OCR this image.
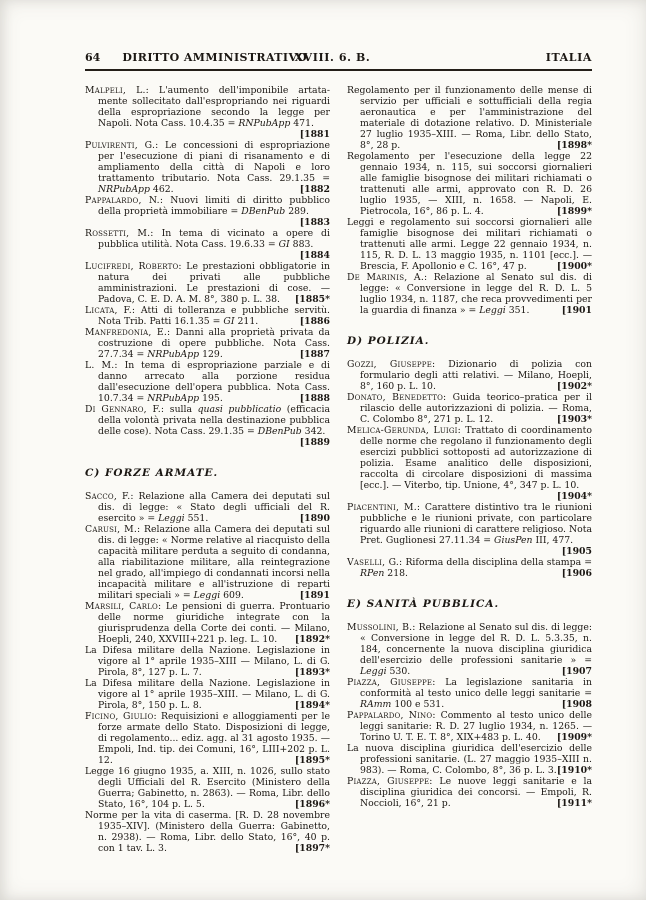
64 DIRITTO AMMINISTRATIVO
XVIII. 6. B.	ITALIA

Malpeli, L.: L'aumento dell'imponibile artata- mente sollecitato dall'espropriando nei riguardi della espropriazione secondo la legge per Napoli. Nota Cass. 10.4.35 = RNPubApp 471.
[1881

Pulvirenti, G.: Le concessioni di espropriazione per l'esecuzione di piani di risanamento e di ampliamento della città di Napoli e loro trattamento tributario. Nota Cass. 29.1.35 = NRPubApp 462.	[1882

Pappalardo, N.: Nuovi limiti di diritto pubblico della proprietà immobiliare = DBenPub 289.
[1883

Rossetti, M.: In tema di vicinato a opere di pubblica utilità. Nota Cass. 19.6.33 = GI 883.
[1884

Lucifredi, Roberto: Le prestazioni obbligatorie in natura dei privati alle pubbliche amministrazioni. Le prestazioni di cose. — Padova, C. E. D. A. M. 8°, 380 p. L. 38. [1885*

Licata, F.: Atti di tolleranza e pubbliche servitù. Nota Trib. Patti 16.1.35 = GI 211.	[1886

Manfredonia, E.: Danni alla proprietà privata da costruzione di opere pubbliche. Nota Cass. 27.7.34 = NRPubApp 129.	[1887

L. M.: In tema di espropriazione parziale e di danno arrecato alla porzione residua dall'esecuzione dell'opera pubblica. Nota Cass. 10.7.34 = NRPubApp 195.	[1888

Di Gennaro, F.: sulla quasi pubblicatio (efficacia della volontà privata nella destinazione pubblica delle cose). Nota Cass. 29.1.35 = DBenPub 342.
[1889

C) FORZE ARMATE.

Sacco, F.: Relazione alla Camera dei deputati sul dis. di legge: « Stato degli ufficiali del R. esercito » = Leggi 551.	[1890

Carusi, M.: Relazione alla Camera dei deputati sul dis. di legge: « Norme relative al riacquisto della capacità militare perduta a seguito di condanna, alla riabilitazione militare, alla reintegrazione nel grado, all'impiego di condannati incorsi nella incapacità militare e all'istruzione di reparti militari speciali » = Leggi 609.	[1891

Marsili, Carlo: Le pensioni di guerra. Prontuario delle norme giuridiche integrate con la giurisprudenza della Corte dei conti. — Milano, Hoepli, 240, XXVIII+221 p. leg. L. 10. [1892*

La Difesa militare della Nazione. Legislazione in vigore al 1° aprile 1935–XIII — Milano, L. di G. Pirola, 8°, 127 p. L. 7.	[1893*

La Difesa militare della Nazione. Legislazione in vigore al 1° aprile 1935–XIII. — Milano, L. di G. Pirola, 8°, 150 p. L. 8.	[1894*

Ficino, Giulio: Requisizioni e alloggiamenti per le forze armate dello Stato. Disposizioni di legge, di regolamento... ediz. agg. al 31 agosto 1935. — Empoli, Ind. tip. dei Comuni, 16°, LIII+202 p. L. 12.	[1895*

Legge 16 giugno 1935, a. XIII, n. 1026, sullo stato degli Ufficiali del R. Esercito (Ministero della Guerra; Gabinetto, n. 2863). — Roma, Libr. dello Stato, 16°, 104 p. L. 5.	[1896*

Norme per la vita di caserma. [R. D. 28 novembre 1935–XIV]. (Ministero della Guerra: Gabinetto, n. 2938). — Roma, Libr. dello Stato, 16°, 40 p. con 1 tav. L. 3.	[1897*

Regolamento per il funzionamento delle mense di servizio per ufficiali e sottufficiali della regia aeronautica e per l'amministrazione del materiale di dotazione relativo. D. Ministeriale 27 luglio 1935–XIII. — Roma, Libr. dello Stato, 8°, 28 p.	[1898*

Regolamento per l'esecuzione della legge 22 gennaio 1934, n. 115, sui soccorsi giornalieri alle famiglie bisognose dei militari richiamati o trattenuti alle armi, approvato con R. D. 26 luglio 1935, — XIII, n. 1658. — Napoli, E. Pietrocola, 16°, 86 p. L. 4.	[1899*

Leggi e regolamento sui soccorsi giornalieri alle famiglie bisognose dei militari richiamati o trattenuti alle armi. Legge 22 gennaio 1934, n. 115, R. D. L. 13 maggio 1935, n. 1101 [ecc.]. — Brescia, F. Apollonio e C. 16°, 47 p.	[1900*

De Marinis, A.: Relazione al Senato sul dis. di legge: « Conversione in legge del R. D. L. 5 luglio 1934, n. 1187, che reca provvedimenti per la guardia di finanza » = Leggi 351.	[1901

D) POLIZIA.

Gozzi, Giuseppe: Dizionario di polizia con formulario degli atti relativi. — Milano, Hoepli, 8°, 160 p. L. 10.	[1902*

Donato, Benedetto: Guida teorico–pratica per il rilascio delle autorizzazioni di polizia. — Roma, C. Colombo 8°, 271 p. L. 12.	[1903*

Melica-Gerunda, Luigi: Trattato di coordinamento delle norme che regolano il funzionamento degli esercizi pubblici sottoposti ad autorizzazione di polizia. Esame analitico delle disposizioni, raccolta di circolare disposizioni di massima [ecc.]. — Viterbo, tip. Unione, 4°, 347 p. L. 10.
[1904*

Piacentini, M.: Carattere distintivo tra le riunioni pubbliche e le riunioni private, con particolare riguardo alle riunioni di carattere religioso. Nota Pret. Guglionesi 27.11.34 = GiusPen III, 477.
[1905

Vaselli, G.: Riforma della disciplina della stampa = RPen 218.	[1906

E) SANITÀ PUBBLICA.

Mussolini, B.: Relazione al Senato sul dis. di legge: « Conversione in legge del R. D. L. 5.3.35, n. 184, concernente la nuova disciplina giuridica dell'esercizio delle professioni sanitarie » = Leggi 530.	[1907

Piazza, Giuseppe: La legislazione sanitaria in conformità al testo unico delle leggi sanitarie = RAmm 100 e 531.	[1908

Pappalardo, Nino: Commento al testo unico delle leggi sanitarie: R. D. 27 luglio 1934, n. 1265. — Torino U. T. E. T. 8°, XIX+483 p. L. 40. [1909*

La nuova disciplina giuridica dell'esercizio delle professioni sanitarie. (L. 27 maggio 1935–XIII n. 983). — Roma, C. Colombo, 8°, 36 p. L. 3. [1910*

Piazza, Giuseppe: Le nuove leggi sanitarie e la disciplina giuridica dei concorsi. — Empoli, R. Noccioli, 16°, 21 p.	[1911*
